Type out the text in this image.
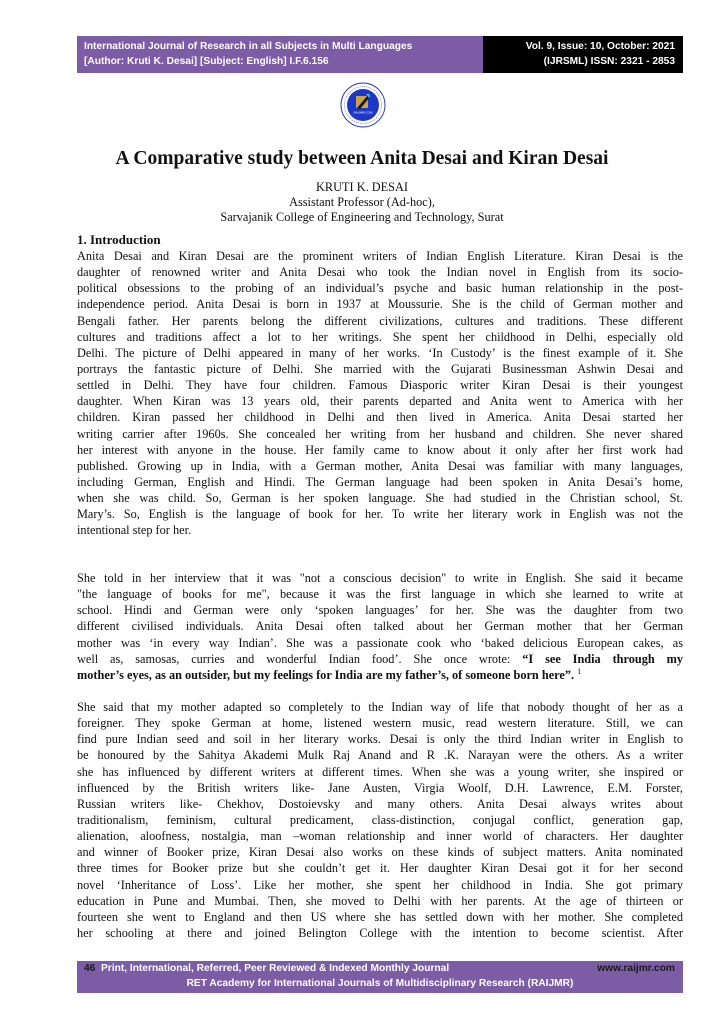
International Journal of Research in all Subjects in Multi Languages
[Author: Kruti K. Desai] [Subject: English] I.F.6.156
Vol. 9, Issue: 10, October: 2021
(IJRSML) ISSN: 2321 - 2853
RAIJMR.COM
A Comparative study between Anita Desai and Kiran Desai
KRUTI K. DESAI
Assistant Professor (Ad-hoc),
Sarvajanik College of Engineering and Technology, Surat
1. Introduction
Anita Desai and Kiran Desai are the prominent writers of Indian English Literature. Kiran Desai is the
daughter of renowned writer and Anita Desai who took the Indian novel in English from its socio-
political obsessions to the probing of an individual’s psyche and basic human relationship in the post-
independence period. Anita Desai is born in 1937 at Moussurie. She is the child of German mother and
Bengali father. Her parents belong the different civilizations, cultures and traditions. These different
cultures and traditions affect a lot to her writings. She spent her childhood in Delhi, especially old
Delhi. The picture of Delhi appeared in many of her works. ‘In Custody’ is the finest example of it. She
portrays the fantastic picture of Delhi. She married with the Gujarati Businessman Ashwin Desai and
settled in Delhi. They have four children. Famous Diasporic writer Kiran Desai is their youngest
daughter. When Kiran was 13 years old, their parents departed and Anita went to America with her
children. Kiran passed her childhood in Delhi and then lived in America. Anita Desai started her
writing carrier after 1960s. She concealed her writing from her husband and children. She never shared
her interest with anyone in the house. Her family came to know about it only after her first work had
published. Growing up in India, with a German mother, Anita Desai was familiar with many languages,
including German, English and Hindi. The German language had been spoken in Anita Desai’s home,
when she was child. So, German is her spoken language. She had studied in the Christian school, St.
Mary’s. So, English is the language of book for her. To write her literary work in English was not the
intentional step for her.
She told in her interview that it was "not a conscious decision" to write in English. She said it became
"the language of books for me", because it was the first language in which she learned to write at
school. Hindi and German were only ‘spoken languages’ for her. She was the daughter from two
different civilised individuals. Anita Desai often talked about her German mother that her German
mother was ‘in every way Indian’. She was a passionate cook who ‘baked delicious European cakes, as
well as, samosas, curries and wonderful Indian food’. She once wrote: “I see India through my
mother’s eyes, as an outsider, but my feelings for India are my father’s, of someone born here”. $^1$
She said that my mother adapted so completely to the Indian way of life that nobody thought of her as a
foreigner. They spoke German at home, listened western music, read western literature. Still, we can
find pure Indian seed and soil in her literary works. Desai is only the third Indian writer in English to
be honoured by the Sahitya Akademi Mulk Raj Anand and R .K. Narayan were the others. As a writer
she has influenced by different writers at different times. When she was a young writer, she inspired or
influenced by the British writers like- Jane Austen, Virgia Woolf, D.H. Lawrence, E.M. Forster,
Russian writers like- Chekhov, Dostoievsky and many others. Anita Desai always writes about
traditionalism, feminism, cultural predicament, class-distinction, conjugal conflict, generation gap,
alienation, aloofness, nostalgia, man –woman relationship and inner world of characters. Her daughter
and winner of Booker prize, Kiran Desai also works on these kinds of subject matters. Anita nominated
three times for Booker prize but she couldn’t get it. Her daughter Kiran Desai got it for her second
novel ‘Inheritance of Loss’. Like her mother, she spent her childhood in India. She got primary
education in Pune and Mumbai. Then, she moved to Delhi with her parents. At the age of thirteen or
fourteen she went to England and then US where she has settled down with her mother. She completed
her schooling at there and joined Belington College with the intention to become scientist. After
46 Print, International, Referred, Peer Reviewed & Indexed Monthly Journal	www.raijmr.com
RET Academy for International Journals of Multidisciplinary Research (RAIJMR)
